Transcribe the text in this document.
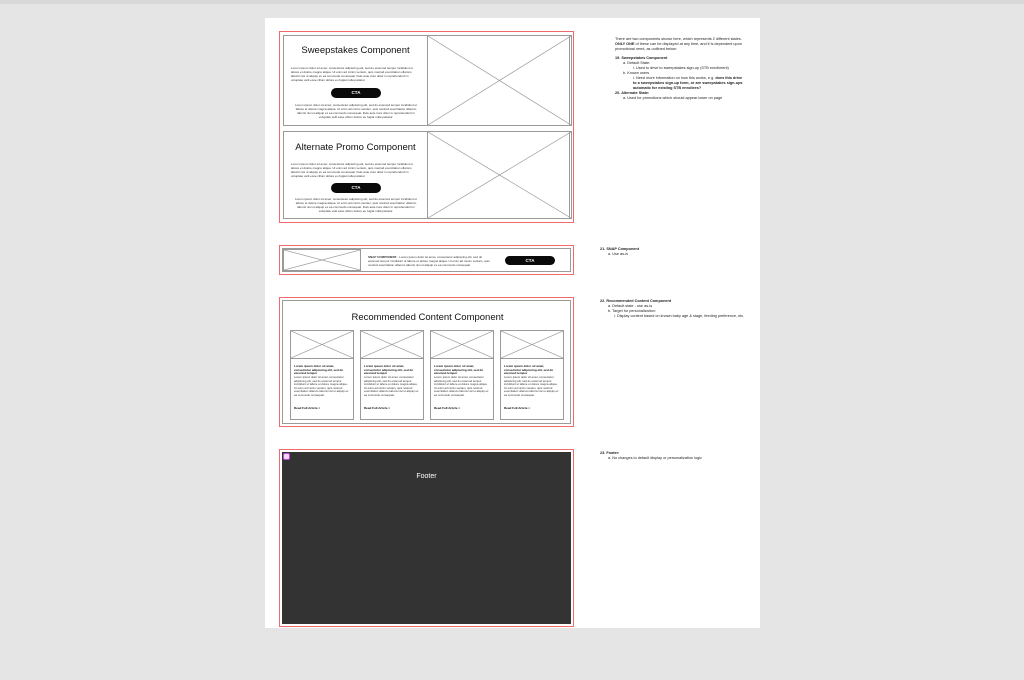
Sweepstakes Component
Lorem ipsum dolor sit amet, consectetur adipiscing elit, sed do eiusmod tempor incididunt ut labore et dolore magna aliqua. Ut enim ad minim veniam, quis nostrud exercitation ullamco laboris nisi ut aliquip ex ea commodo consequat. Duis aute irure dolor in reprehenderit in voluptate velit esse cillum dolore eu fugiat nulla pariatur.
CTA
Lorem ipsum dolor sit amet, consectetur adipiscing elit, sed do eiusmod tempor incididunt ut labore et dolore magna aliqua. Ut enim ad minim veniam, quis nostrud exercitation ullamco laboris nisi ut aliquip ex ea commodo consequat. Duis aute irure dolor in reprehenderit in voluptate velit esse cillum dolore eu fugiat nulla pariatur.
Alternate Promo Component
Lorem ipsum dolor sit amet, consectetur adipiscing elit, sed do eiusmod tempor incididunt ut labore et dolore magna aliqua. Ut enim ad minim veniam, quis nostrud exercitation ullamco laboris nisi ut aliquip ex ea commodo consequat. Duis aute irure dolor in reprehenderit in voluptate velit esse cillum dolore eu fugiat nulla pariatur.
CTA
Lorem ipsum dolor sit amet, consectetur adipiscing elit, sed do eiusmod tempor incididunt ut labore et dolore magna aliqua. Ut enim ad minim veniam, quis nostrud exercitation ullamco laboris nisi ut aliquip ex ea commodo consequat. Duis aute irure dolor in reprehenderit in voluptate velit esse cillum dolore eu fugiat nulla pariatur.
SNAP COMPONENT - Lorem ipsum dolor sit amet, consectetur adipiscing elit, sed do eiusmod tempor incididunt ut labore et dolore magna aliqua. Ut enim ad minim veniam, quis nostrud exercitation ullamco laboris nisi ut aliquip ex ea commodo consequat.
CTA
Recommended Content Component
Lorem ipsum dolor sit amet, consectetur adipiscing elit, sed do eiusmod tempor
Lorem ipsum dolor sit amet, consectetur adipiscing elit, sed do eiusmod tempor incididunt ut labore et dolore magna aliqua. Ut enim ad minim veniam, quis nostrud exercitation ullamco laboris nisi ut aliquip ex ea commodo consequat.
Read Full Article >
Lorem ipsum dolor sit amet, consectetur adipiscing elit, sed do eiusmod tempor
Lorem ipsum dolor sit amet, consectetur adipiscing elit, sed do eiusmod tempor incididunt ut labore et dolore magna aliqua. Ut enim ad minim veniam, quis nostrud exercitation ullamco laboris nisi ut aliquip ex ea commodo consequat.
Read Full Article >
Lorem ipsum dolor sit amet, consectetur adipiscing elit, sed do eiusmod tempor
Lorem ipsum dolor sit amet, consectetur adipiscing elit, sed do eiusmod tempor incididunt ut labore et dolore magna aliqua. Ut enim ad minim veniam, quis nostrud exercitation ullamco laboris nisi ut aliquip ex ea commodo consequat.
Read Full Article >
Lorem ipsum dolor sit amet, consectetur adipiscing elit, sed do eiusmod tempor
Lorem ipsum dolor sit amet, consectetur adipiscing elit, sed do eiusmod tempor incididunt ut labore et dolore magna aliqua. Ut enim ad minim veniam, quis nostrud exercitation ullamco laboris nisi ut aliquip ex ea commodo consequat.
Read Full Article >
Footer
There are two components shown here, which represents 2 different states. ONLY ONE of these can be displayed at any time, and it is dependent upon promotional need, as outlined below:
19. Sweepstakes Component
a. Default State:
i. Used to drive to sweepstakes sign-up (STB enrollment)
b. Known users
i. Need more information on how this works, e.g. does this drive to a sweepstakes sign-up form, or are sweepstakes sign-ups automatic for existing STB enrollees?
20. Alternate State:
a. Used for promotions which should appear lower on page
21. SNAP Component
a. Use as-is
22. Recommended Content Component
a. Default state - use as-is
b. Target for personalization:
i. Display content based on known baby age & stage, feeding preference, etc.
23. Footer:
a. No changes to default display or personalization logic
